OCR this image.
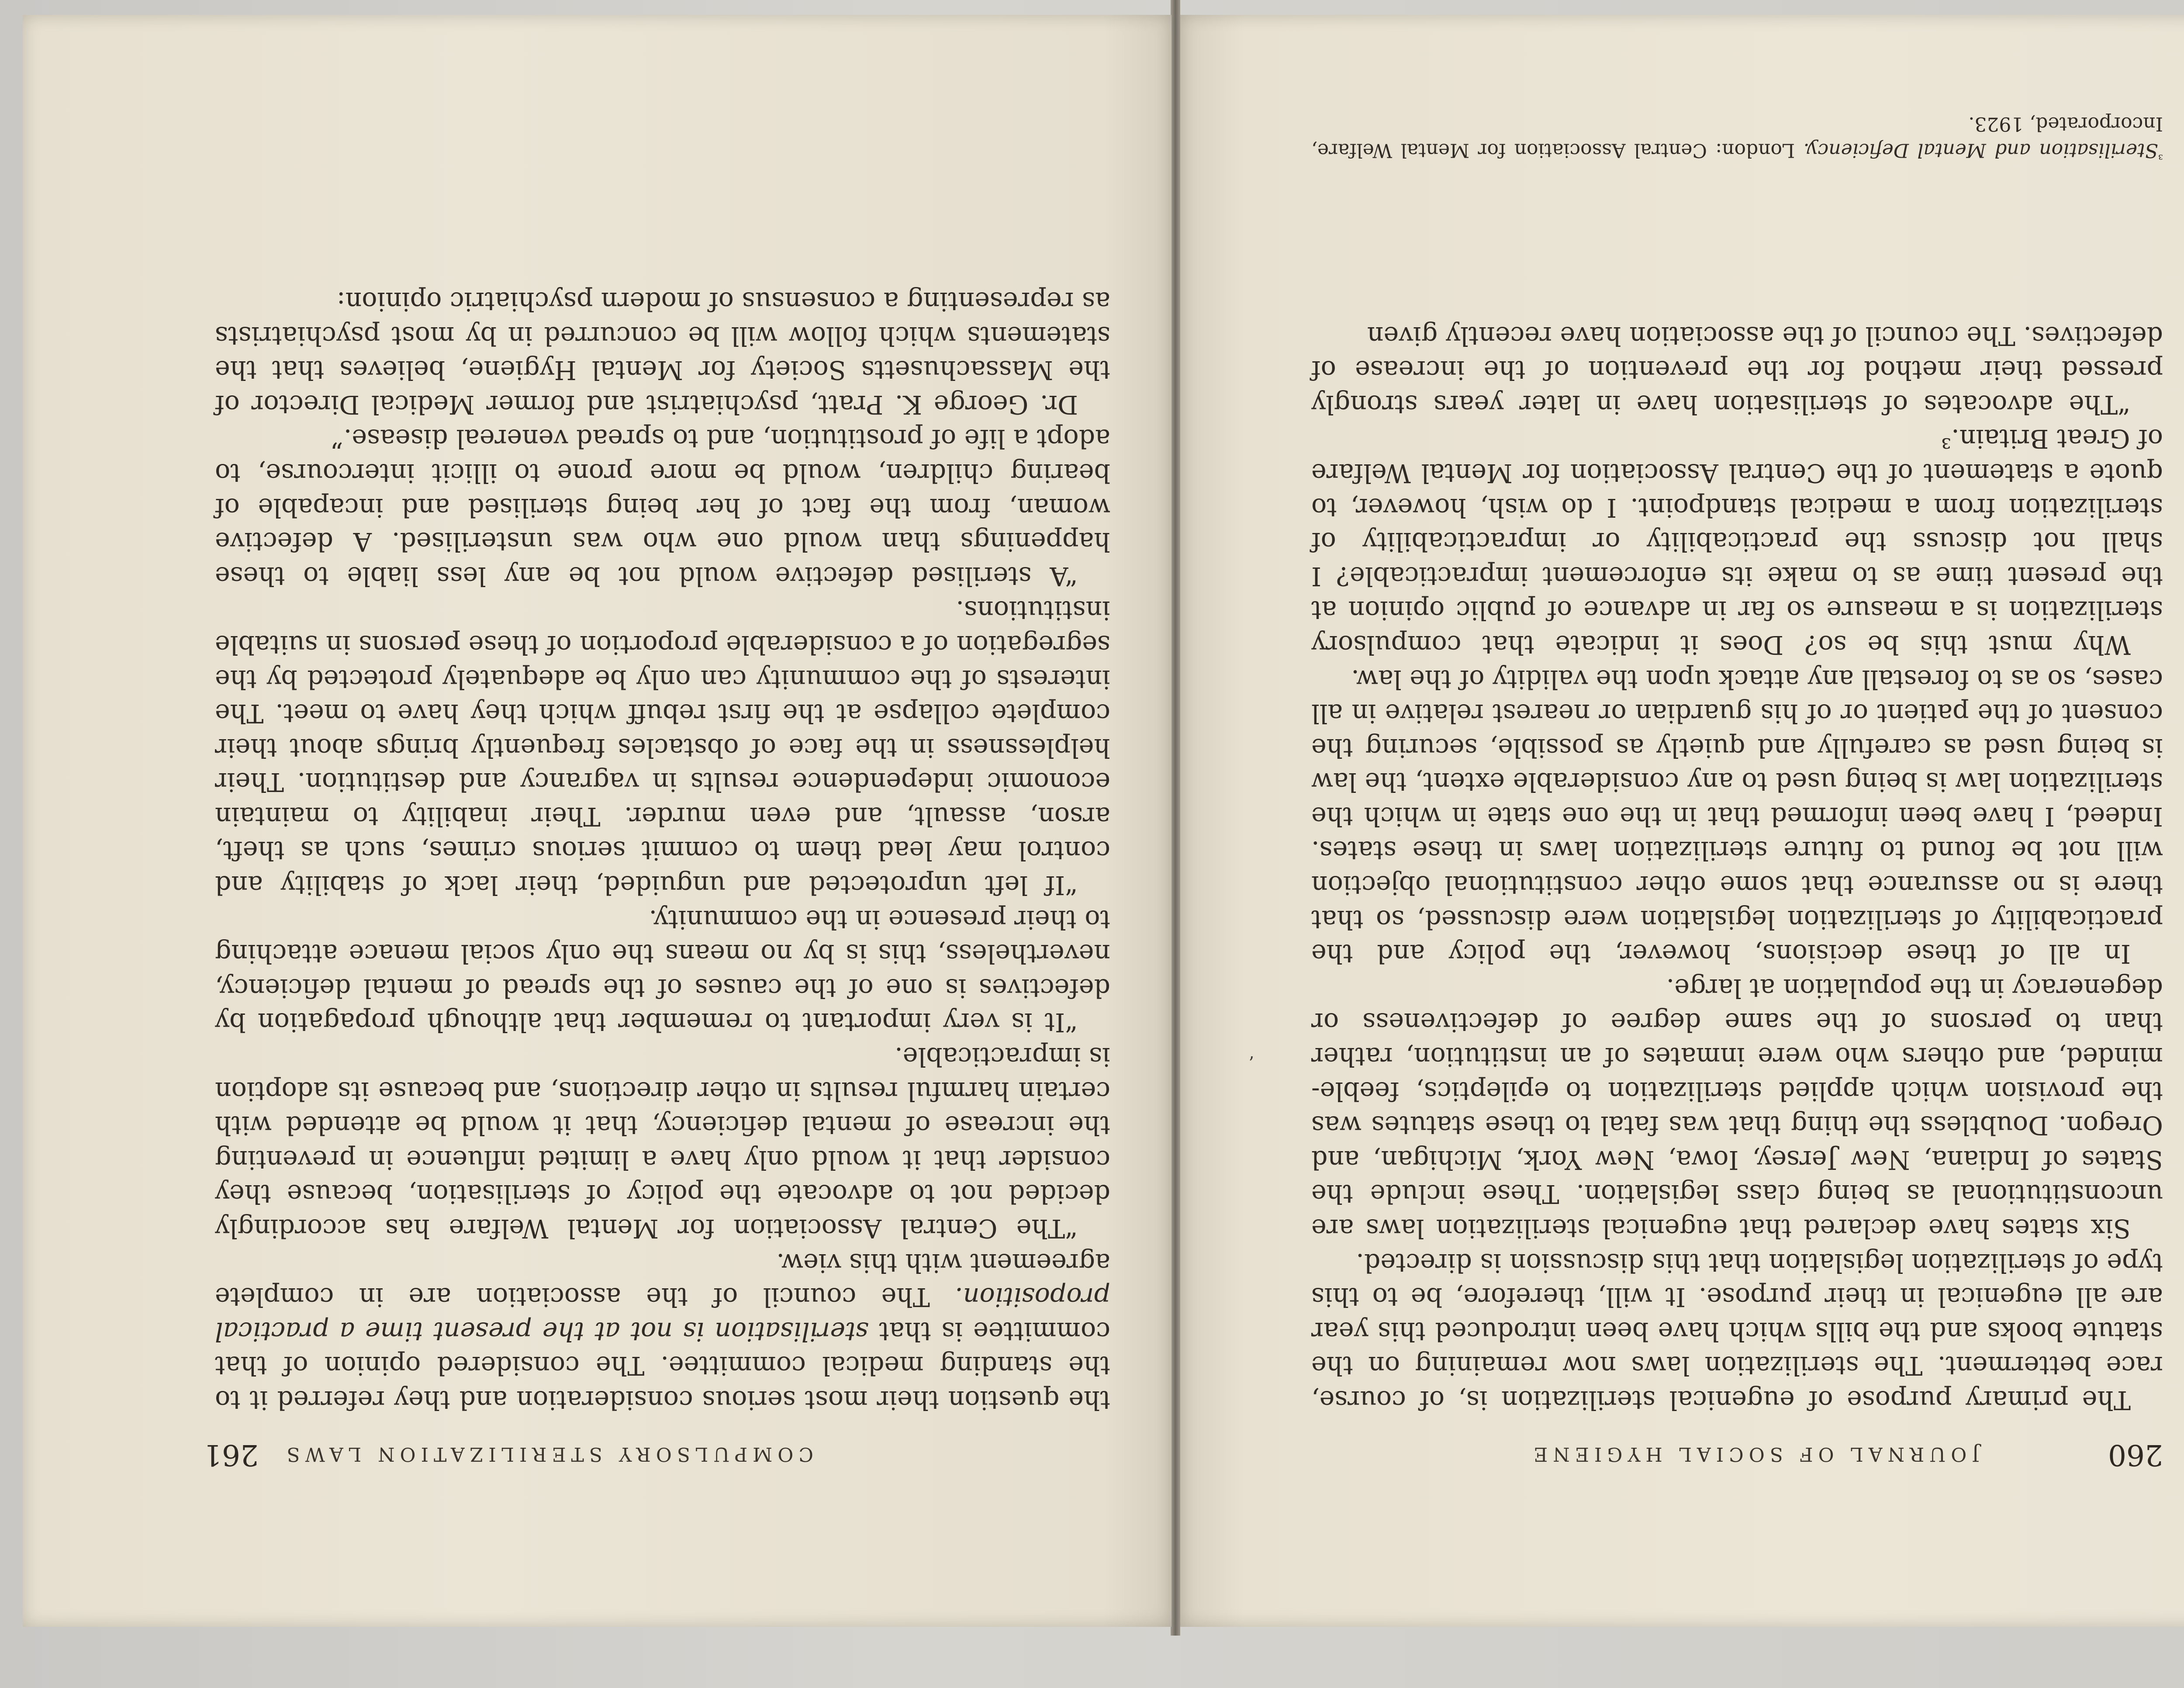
260
JOURNAL OF SOCIAL HYGIENE

The primary purpose of eugenical sterilization is, of course, race betterment. The sterilization laws now remaining on the statute books and the bills which have been introduced this year are all eugenical in their purpose. It will, therefore, be to this type of sterilization legislation that this discussion is directed.

Six states have declared that eugenical sterilization laws are unconstitutional as being class legislation. These include the States of Indiana, New Jersey, Iowa, New York, Michigan, and Oregon. Doubtless the thing that was fatal to these statutes was the provision which applied sterilization to epileptics, feeble-minded, and others who were inmates of an institution, rather than to persons of the same degree of defectiveness or degeneracy in the population at large.

In all of these decisions, however, the policy and the practicability of sterilization legislation were discussed, so that there is no assurance that some other constitutional objection will not be found to future sterilization laws in these states. Indeed, I have been informed that in the one state in which the sterilization law is being used to any considerable extent, the law is being used as carefully and quietly as possible, securing the consent of the patient or of his guardian or nearest relative in all cases, so as to forestall any attack upon the validity of the law.

Why must this be so? Does it indicate that compulsory sterilization is a measure so far in advance of public opinion at the present time as to make its enforcement impracticable? I shall not discuss the practicability or impracticability of sterilization from a medical standpoint. I do wish, however, to quote a statement of the Central Association for Mental Welfare of Great Britain.³

“The advocates of sterilisation have in later years strongly pressed their method for the prevention of the increase of defectives. The council of the association have recently given

$^{^3}$Sterilisation and Mental Deficiency. London: Central Association for Mental Welfare, Incorporated, 1923.
‘
COMPULSORY STERILIZATION LAWS
261

the question their most serious consideration and they referred it to the standing medical committee. The considered opinion of that committee is that sterilisation is not at the present time a practical proposition. The council of the association are in complete agreement with this view.

“The Central Association for Mental Welfare has accordingly decided not to advocate the policy of sterilisation, because they consider that it would only have a limited influence in preventing the increase of mental deficiency, that it would be attended with certain harmful results in other directions, and because its adoption is impracticable.

“It is very important to remember that although propagation by defectives is one of the causes of the spread of mental deficiency, nevertheless, this is by no means the only social menace attaching to their presence in the community.

“If left unprotected and unguided, their lack of stability and control may lead them to commit serious crimes, such as theft, arson, assault, and even murder. Their inability to maintain economic independence results in vagrancy and destitution. Their helplessness in the face of obstacles frequently brings about their complete collapse at the first rebuff which they have to meet. The interests of the community can only be adequately protected by the segregation of a considerable proportion of these persons in suitable institutions.

“A sterilised defective would not be any less liable to these happenings than would one who was unsterilised. A defective woman, from the fact of her being sterilised and incapable of bearing children, would be more prone to illicit intercourse, to adopt a life of prostitution, and to spread venereal disease.”

Dr. George K. Pratt, psychiatrist and former Medical Director of the Massachusetts Society for Mental Hygiene, believes that the statements which follow will be concurred in by most psychiatrists as representing a consensus of modern psychiatric opinion:
